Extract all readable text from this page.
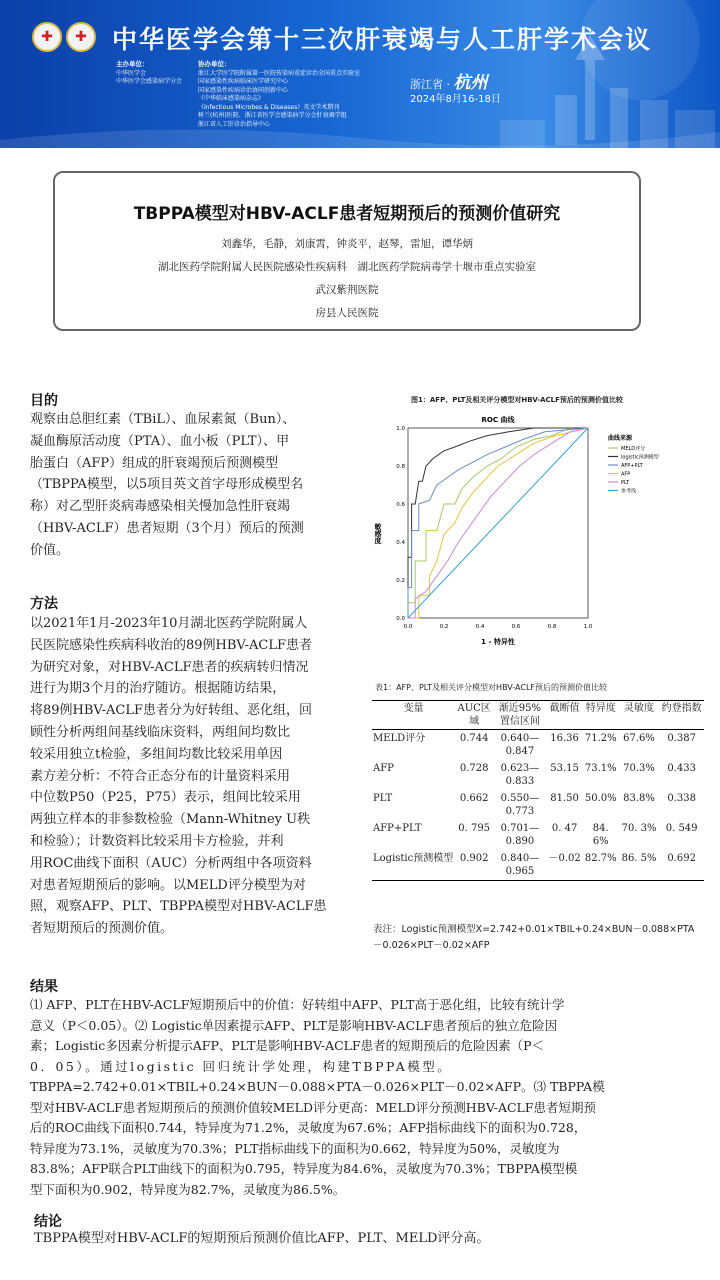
✚	✚	中华医学会第十三次肝衰竭与人工肝学术会议
主办单位：
中华医学会
中华医学会感染病学分会
协办单位：
浙江大学医学院附属第一医院传染病重症诊治全国重点实验室
国家感染性疾病临床医学研究中心
国家感染性疾病诊治协同创新中心
《中华临床感染病杂志》
《Infectious Microbes & Diseases》英文学术期刊
树兰(杭州)医院、浙江省医学会感染病学分会肝衰竭学组
浙江省人工肝诊治指导中心
浙江省 · 杭州
2024年8月16-18日
TBPPA模型对HBV-ACLF患者短期预后的预测价值研究
刘鑫华，毛静，刘康霄，钟炎平，赵琴，雷旭，谭华炳
湖北医药学院附属人民医院感染性疾病科　湖北医药学院病毒学十堰市重点实验室
武汉紫荆医院
房县人民医院
目的
观察由总胆红素（TBiL）、血尿素氮（Bun）、
凝血酶原活动度（PTA）、血小板（PLT）、甲
胎蛋白（AFP）组成的肝衰竭预后预测模型
（TBPPA模型，以5项目英文首字母形成模型名
称）对乙型肝炎病毒感染相关慢加急性肝衰竭
（HBV-ACLF）患者短期（3个月）预后的预测
价值。
方法
以2021年1月-2023年10月湖北医药学院附属人
民医院感染性疾病科收治的89例HBV-ACLF患者
为研究对象，对HBV-ACLF患者的疾病转归情况
进行为期3个月的治疗随访。根据随访结果，
将89例HBV-ACLF患者分为好转组、恶化组，回
顾性分析两组间基线临床资料，两组间均数比
较采用独立t检验，多组间均数比较采用单因
素方差分析：不符合正态分布的计量资料采用
中位数P50（P25，P75）表示，组间比较采用
两独立样本的非参数检验（Mann-Whitney U秩
和检验）；计数资料比较采用卡方检验，并利
用ROC曲线下面积（AUC）分析两组中各项资料
对患者短期预后的影响。以MELD评分模型为对
照，观察AFP、PLT、TBPPA模型对HBV-ACLF患
者短期预后的预测价值。
图1：AFP、PLT及相关评分模型对HBV-ACLF预后的预测价值比较
ROC 曲线
0.0	0.2	0.4	0.6	0.8	1.0
0.0
0.2
0.4
0.6
0.8
1.0
1 - 特异性
敏感度
曲线来源
MELD评分
logistic预测模型
AFP+PLT
AFP
PLT
参考线
表1：AFP、PLT及相关评分模型对HBV-ACLF预后的预测价值比较
变量	AUC区域	渐近95%置信区间	截断值	特异度	灵敏度	约登指数
MELD评分	0.744	0.640—0.847	16.36	71.2%	67.6%	0.387
AFP	0.728	0.623—0.833	53.15	73.1%	70.3%	0.433
PLT	0.662	0.550—0.773	81.50	50.0%	83.8%	0.338
AFP+PLT	0. 795	0.701—0.890	0. 47	84. 6%	70. 3%	0. 549
Logistic预测模型	0.902	0.840—0.965	－0.02	82.7%	86. 5%	0.692
表注：Logistic预测模型X=2.742+0.01×TBIL+0.24×BUN－0.088×PTA－0.026×PLT－0.02×AFP
结果
⑴ AFP、PLT在HBV-ACLF短期预后中的价值：好转组中AFP、PLT高于恶化组，比较有统计学
意义（P＜0.05）。⑵ Logistic单因素提示AFP、PLT是影响HBV-ACLF患者预后的独立危险因
素；Logistic多因素分析提示AFP、PLT是影响HBV-ACLF患者的短期预后的危险因素（P＜
0．05）。通过logistic 回归统计学处理，构建TBPPA模型。
TBPPA=2.742+0.01×TBIL+0.24×BUN－0.088×PTA－0.026×PLT－0.02×AFP。⑶ TBPPA模
型对HBV-ACLF患者短期预后的预测价值较MELD评分更高：MELD评分预测HBV-ACLF患者短期预
后的ROC曲线下面积0.744，特异度为71.2%，灵敏度为67.6%；AFP指标曲线下的面积为0.728，
特异度为73.1%，灵敏度为70.3%；PLT指标曲线下的面积为0.662，特异度为50%，灵敏度为
83.8%；AFP联合PLT曲线下的面积为0.795，特异度为84.6%，灵敏度为70.3%；TBPPA模型模
型下面积为0.902，特异度为82.7%，灵敏度为86.5%。
结论
TBPPA模型对HBV-ACLF的短期预后预测价值比AFP、PLT、MELD评分高。
